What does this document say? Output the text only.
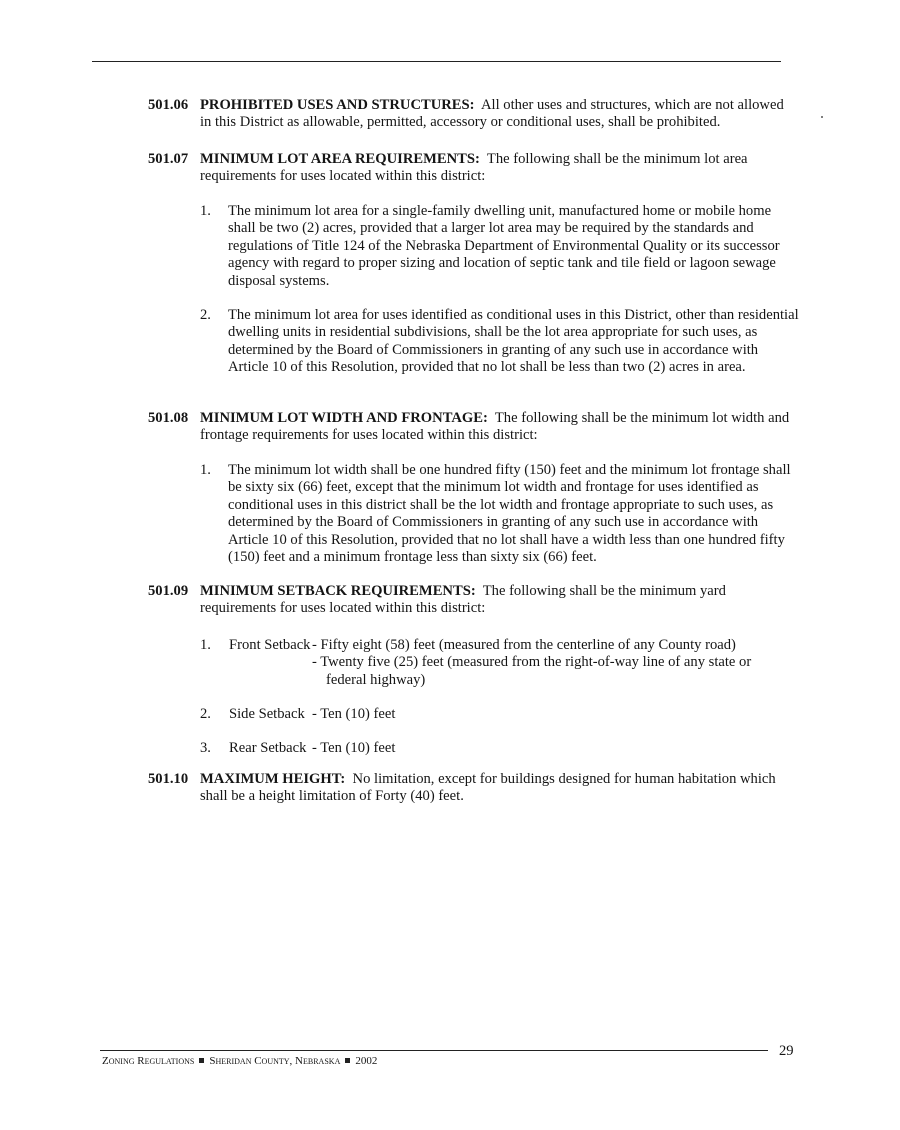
501.06 PROHIBITED USES AND STRUCTURES: All other uses and structures, which are not allowed in this District as allowable, permitted, accessory or conditional uses, shall be prohibited.
501.07 MINIMUM LOT AREA REQUIREMENTS: The following shall be the minimum lot area requirements for uses located within this district:
1. The minimum lot area for a single-family dwelling unit, manufactured home or mobile home shall be two (2) acres, provided that a larger lot area may be required by the standards and regulations of Title 124 of the Nebraska Department of Environmental Quality or its successor agency with regard to proper sizing and location of septic tank and tile field or lagoon sewage disposal systems.
2. The minimum lot area for uses identified as conditional uses in this District, other than residential dwelling units in residential subdivisions, shall be the lot area appropriate for such uses, as determined by the Board of Commissioners in granting of any such use in accordance with Article 10 of this Resolution, provided that no lot shall be less than two (2) acres in area.
501.08 MINIMUM LOT WIDTH AND FRONTAGE: The following shall be the minimum lot width and frontage requirements for uses located within this district:
1. The minimum lot width shall be one hundred fifty (150) feet and the minimum lot frontage shall be sixty six (66) feet, except that the minimum lot width and frontage for uses identified as conditional uses in this district shall be the lot width and frontage appropriate to such uses, as determined by the Board of Commissioners in granting of any such use in accordance with Article 10 of this Resolution, provided that no lot shall have a width less than one hundred fifty (150) feet and a minimum frontage less than sixty six (66) feet.
501.09 MINIMUM SETBACK REQUIREMENTS: The following shall be the minimum yard requirements for uses located within this district:
1. Front Setback - Fifty eight (58) feet (measured from the centerline of any County road)
- Twenty five (25) feet (measured from the right-of-way line of any state or
federal highway)
2. Side Setback - Ten (10) feet
3. Rear Setback - Ten (10) feet
501.10 MAXIMUM HEIGHT: No limitation, except for buildings designed for human habitation which shall be a height limitation of Forty (40) feet.
Zoning Regulations Sheridan County, Nebraska 2002
29
